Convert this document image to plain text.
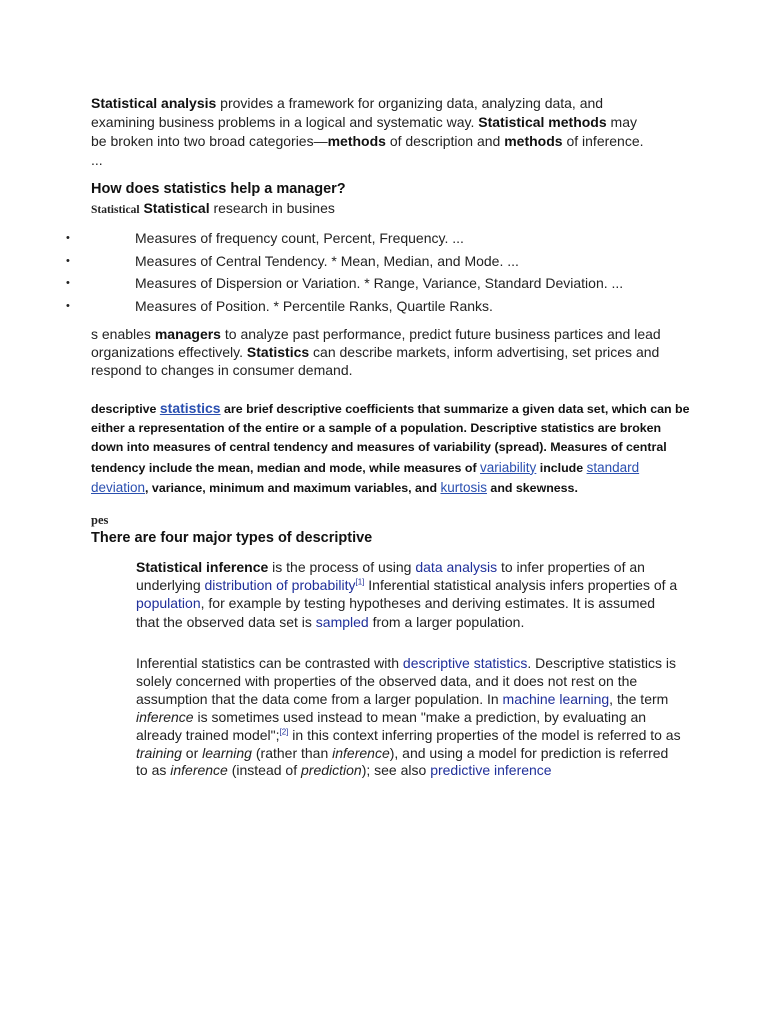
Statistical analysis provides a framework for organizing data, analyzing data, and examining business problems in a logical and systematic way. Statistical methods may be broken into two broad categories—methods of description and methods of inference. ...

How does statistics help a manager?

Statistical Statistical research in busines

•	Measures of frequency count, Percent, Frequency. ...
•	Measures of Central Tendency. * Mean, Median, and Mode. ...
•	Measures of Dispersion or Variation. * Range, Variance, Standard Deviation. ...
•	Measures of Position. * Percentile Ranks, Quartile Ranks.

s enables managers to analyze past performance, predict future business partices and lead organizations effectively. Statistics can describe markets, inform advertising, set prices and respond to changes in consumer demand.

descriptive statistics are brief descriptive coefficients that summarize a given data set, which can be either a representation of the entire or a sample of a population. Descriptive statistics are broken down into measures of central tendency and measures of variability (spread). Measures of central tendency include the mean, median and mode, while measures of variability include standard deviation, variance, minimum and maximum variables, and kurtosis and skewness.

pes
There are four major types of descriptive

Statistical inference is the process of using data analysis to infer properties of an underlying distribution of probability[1] Inferential statistical analysis infers properties of a population, for example by testing hypotheses and deriving estimates. It is assumed that the observed data set is sampled from a larger population.

Inferential statistics can be contrasted with descriptive statistics. Descriptive statistics is solely concerned with properties of the observed data, and it does not rest on the assumption that the data come from a larger population. In machine learning, the term inference is sometimes used instead to mean "make a prediction, by evaluating an already trained model";[2] in this context inferring properties of the model is referred to as training or learning (rather than inference), and using a model for prediction is referred to as inference (instead of prediction); see also predictive inference
